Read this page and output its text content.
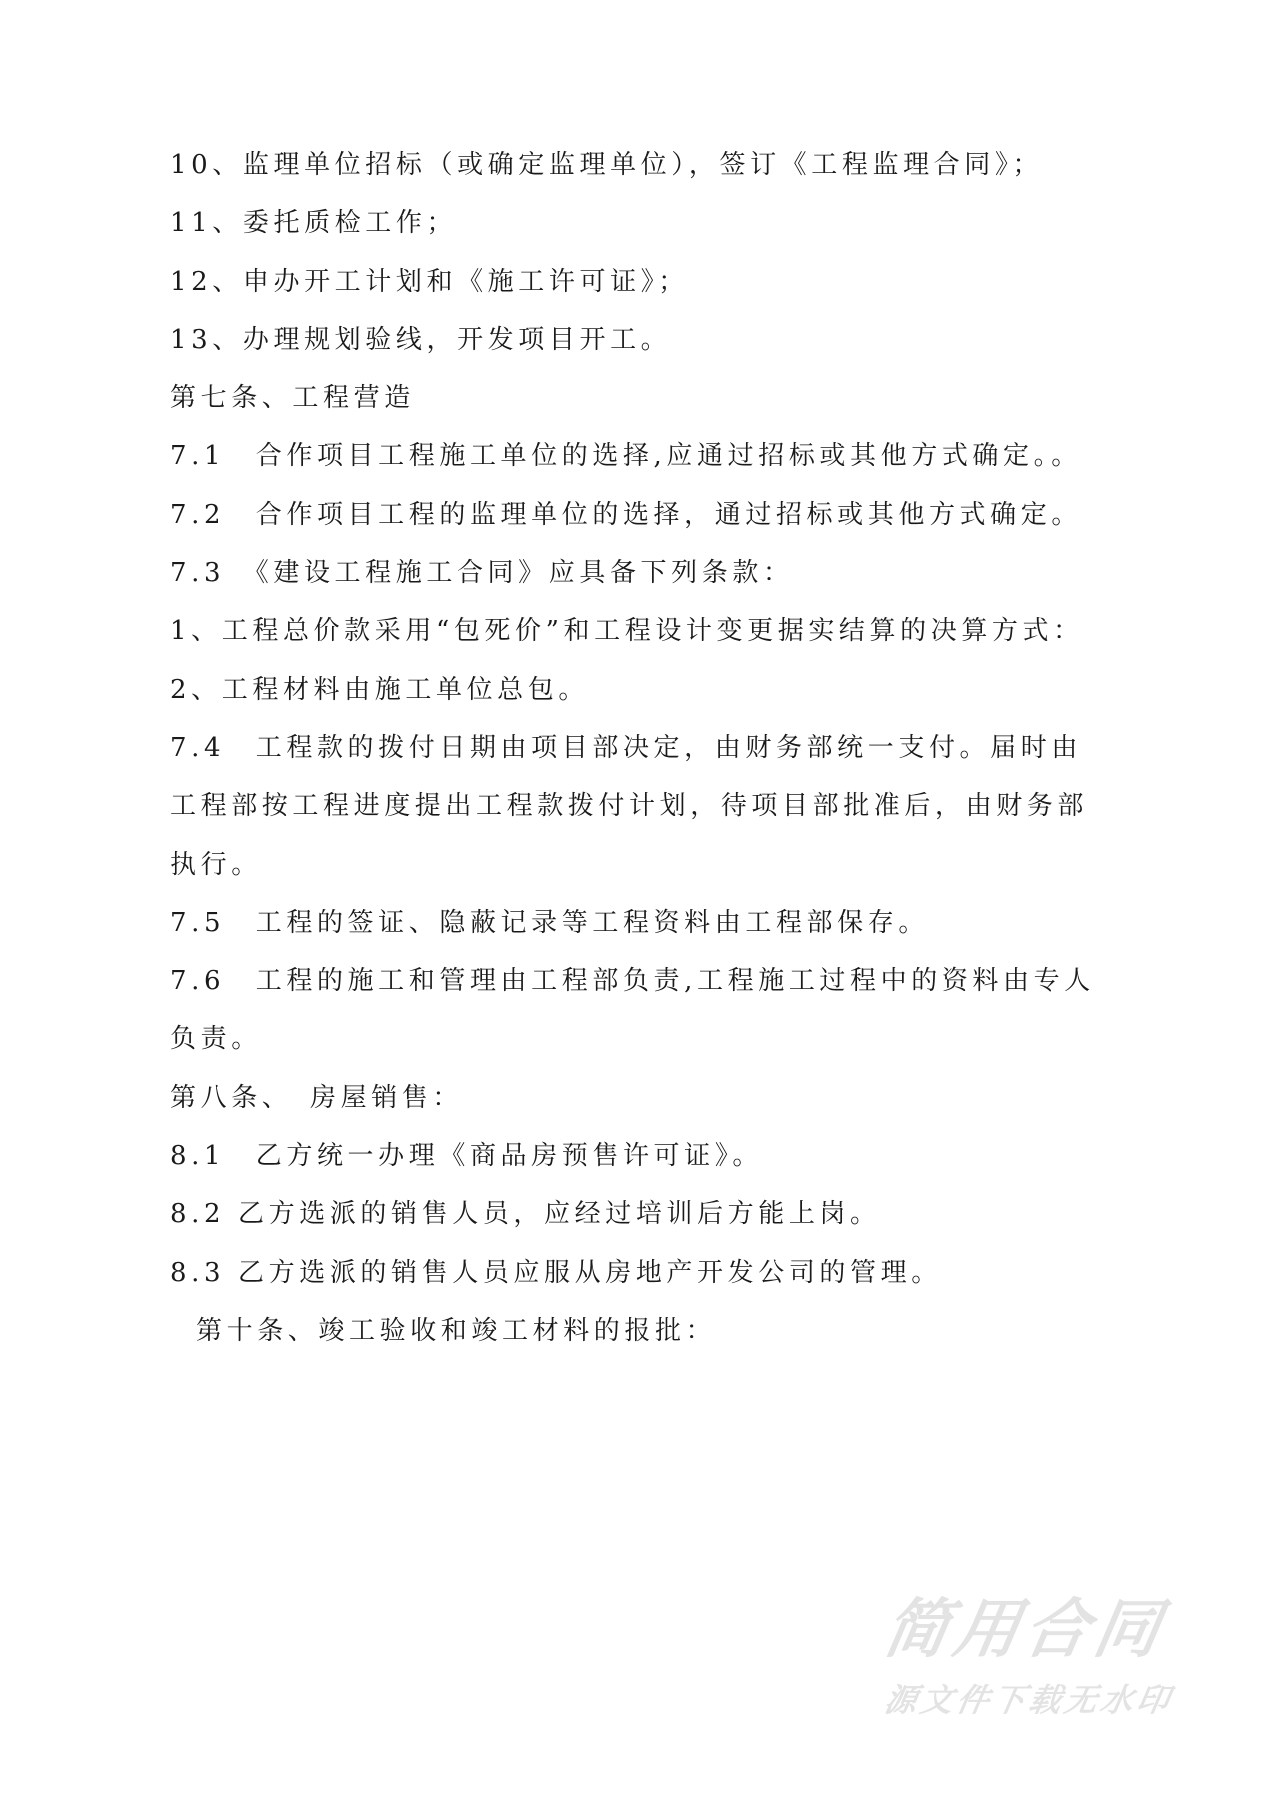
10、监理单位招标（或确定监理单位），签订《工程监理合同》；
11、委托质检工作；
12、申办开工计划和《施工许可证》；
13、办理规划验线，开发项目开工。
第七条、工程营造
7.1　合作项目工程施工单位的选择,应通过招标或其他方式确定。。
7.2　合作项目工程的监理单位的选择，通过招标或其他方式确定。
7.3　《建设工程施工合同》应具备下列条款：
1、工程总价款采用“包死价”和工程设计变更据实结算的决算方式：
2、工程材料由施工单位总包。
7.4　工程款的拨付日期由项目部决定，由财务部统一支付。届时由
工程部按工程进度提出工程款拨付计划，待项目部批准后，由财务部
执行。
7.5　工程的签证、隐蔽记录等工程资料由工程部保存。
7.6　工程的施工和管理由工程部负责,工程施工过程中的资料由专人
负责。
第八条、　房屋销售：
8.1　乙方统一办理《商品房预售许可证》。
8.2 乙方选派的销售人员，应经过培训后方能上岗。
8.3 乙方选派的销售人员应服从房地产开发公司的管理。
第十条、竣工验收和竣工材料的报批：
简用合同
源文件下载无水印
